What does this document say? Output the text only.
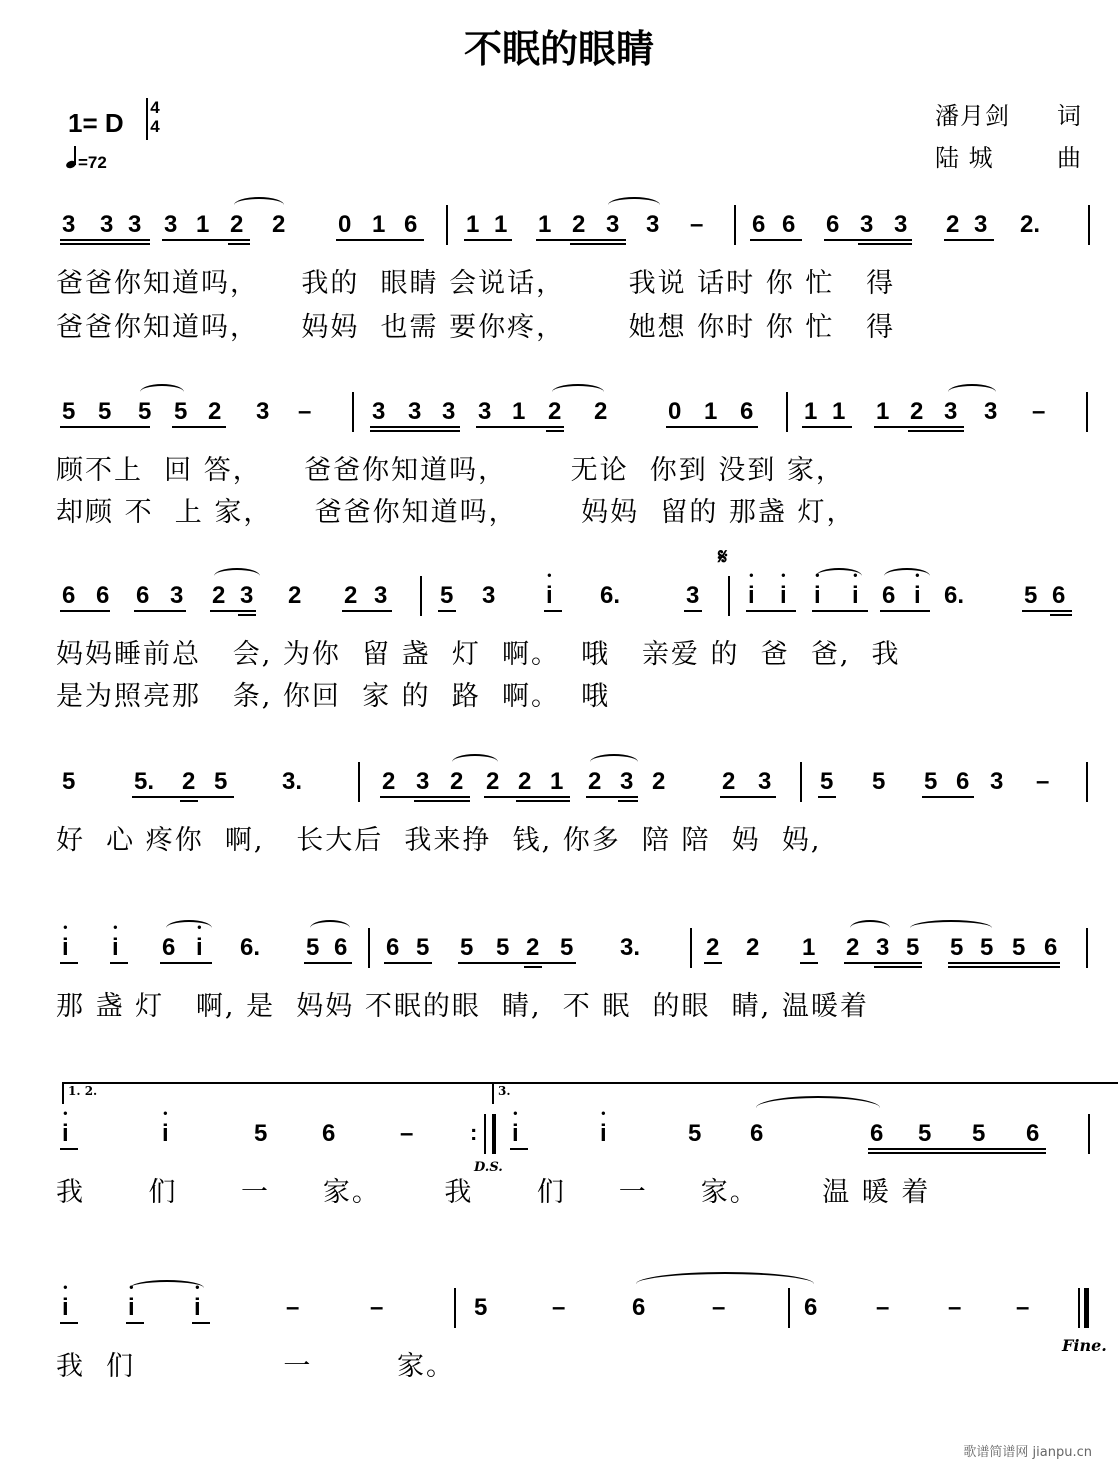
不眠的眼睛
1= D
4
4
=72
潘月剑 词
陆 城	曲
3 3 3 3 1 2 2 0 1 6 1 1 1 2 3 3 – 6 6 6 3 3 2 3 2.
爸爸你知道吗，    我的  眼睛 会说话，      我说 话时 你 忙   得
爸爸你知道吗，    妈妈  也需 要你疼，      她想 你时 你 忙   得
5 5 5 5 2 3 –	3 3 3 3 1 2 2	0 1 6 1 1 1 2 3 3 –
顾不上  回 答，    爸爸你知道吗，      无论  你到 没到 家，
却顾 不  上 家，    爸爸你知道吗，      妈妈  留的 那盏 灯，
𝄋
6 6 6 3 2 3 2 2 3 5 3 • i 6.	3 • i • i • i • i 6 • i 6. 5 6
妈妈睡前总   会, 为你  留 盏  灯  啊。  哦   亲爱 的  爸  爸,  我
是为照亮那   条, 你回  家 的  路  啊。  哦
5 5. 2 5 3.	2 3 2 2 2 1 2 3 2 2 3 5 5 5 6 3 –
好  心 疼你  啊,   长大后  我来挣  钱, 你多  陪 陪  妈  妈,
• i • i 6 • i 6. 5 6 6 5 5 5 2 5 3.	2 2 1 2 3 5 5 5 5 6
那 盏 灯   啊, 是  妈妈 不眠的眼  睛,  不 眠  的眼  睛, 温暖着
1. 2.	3.
• i	• i	5 6	–	: • i	• i	5 6	6 5 5 6
D.S.
我      们      一     家。      我      们     一     家。      温 暖 着
• i • i • i	–	–	5	–	6	–	6 – – –
Fine.
我  们              一        家。
歌谱简谱网 jianpu.cn
